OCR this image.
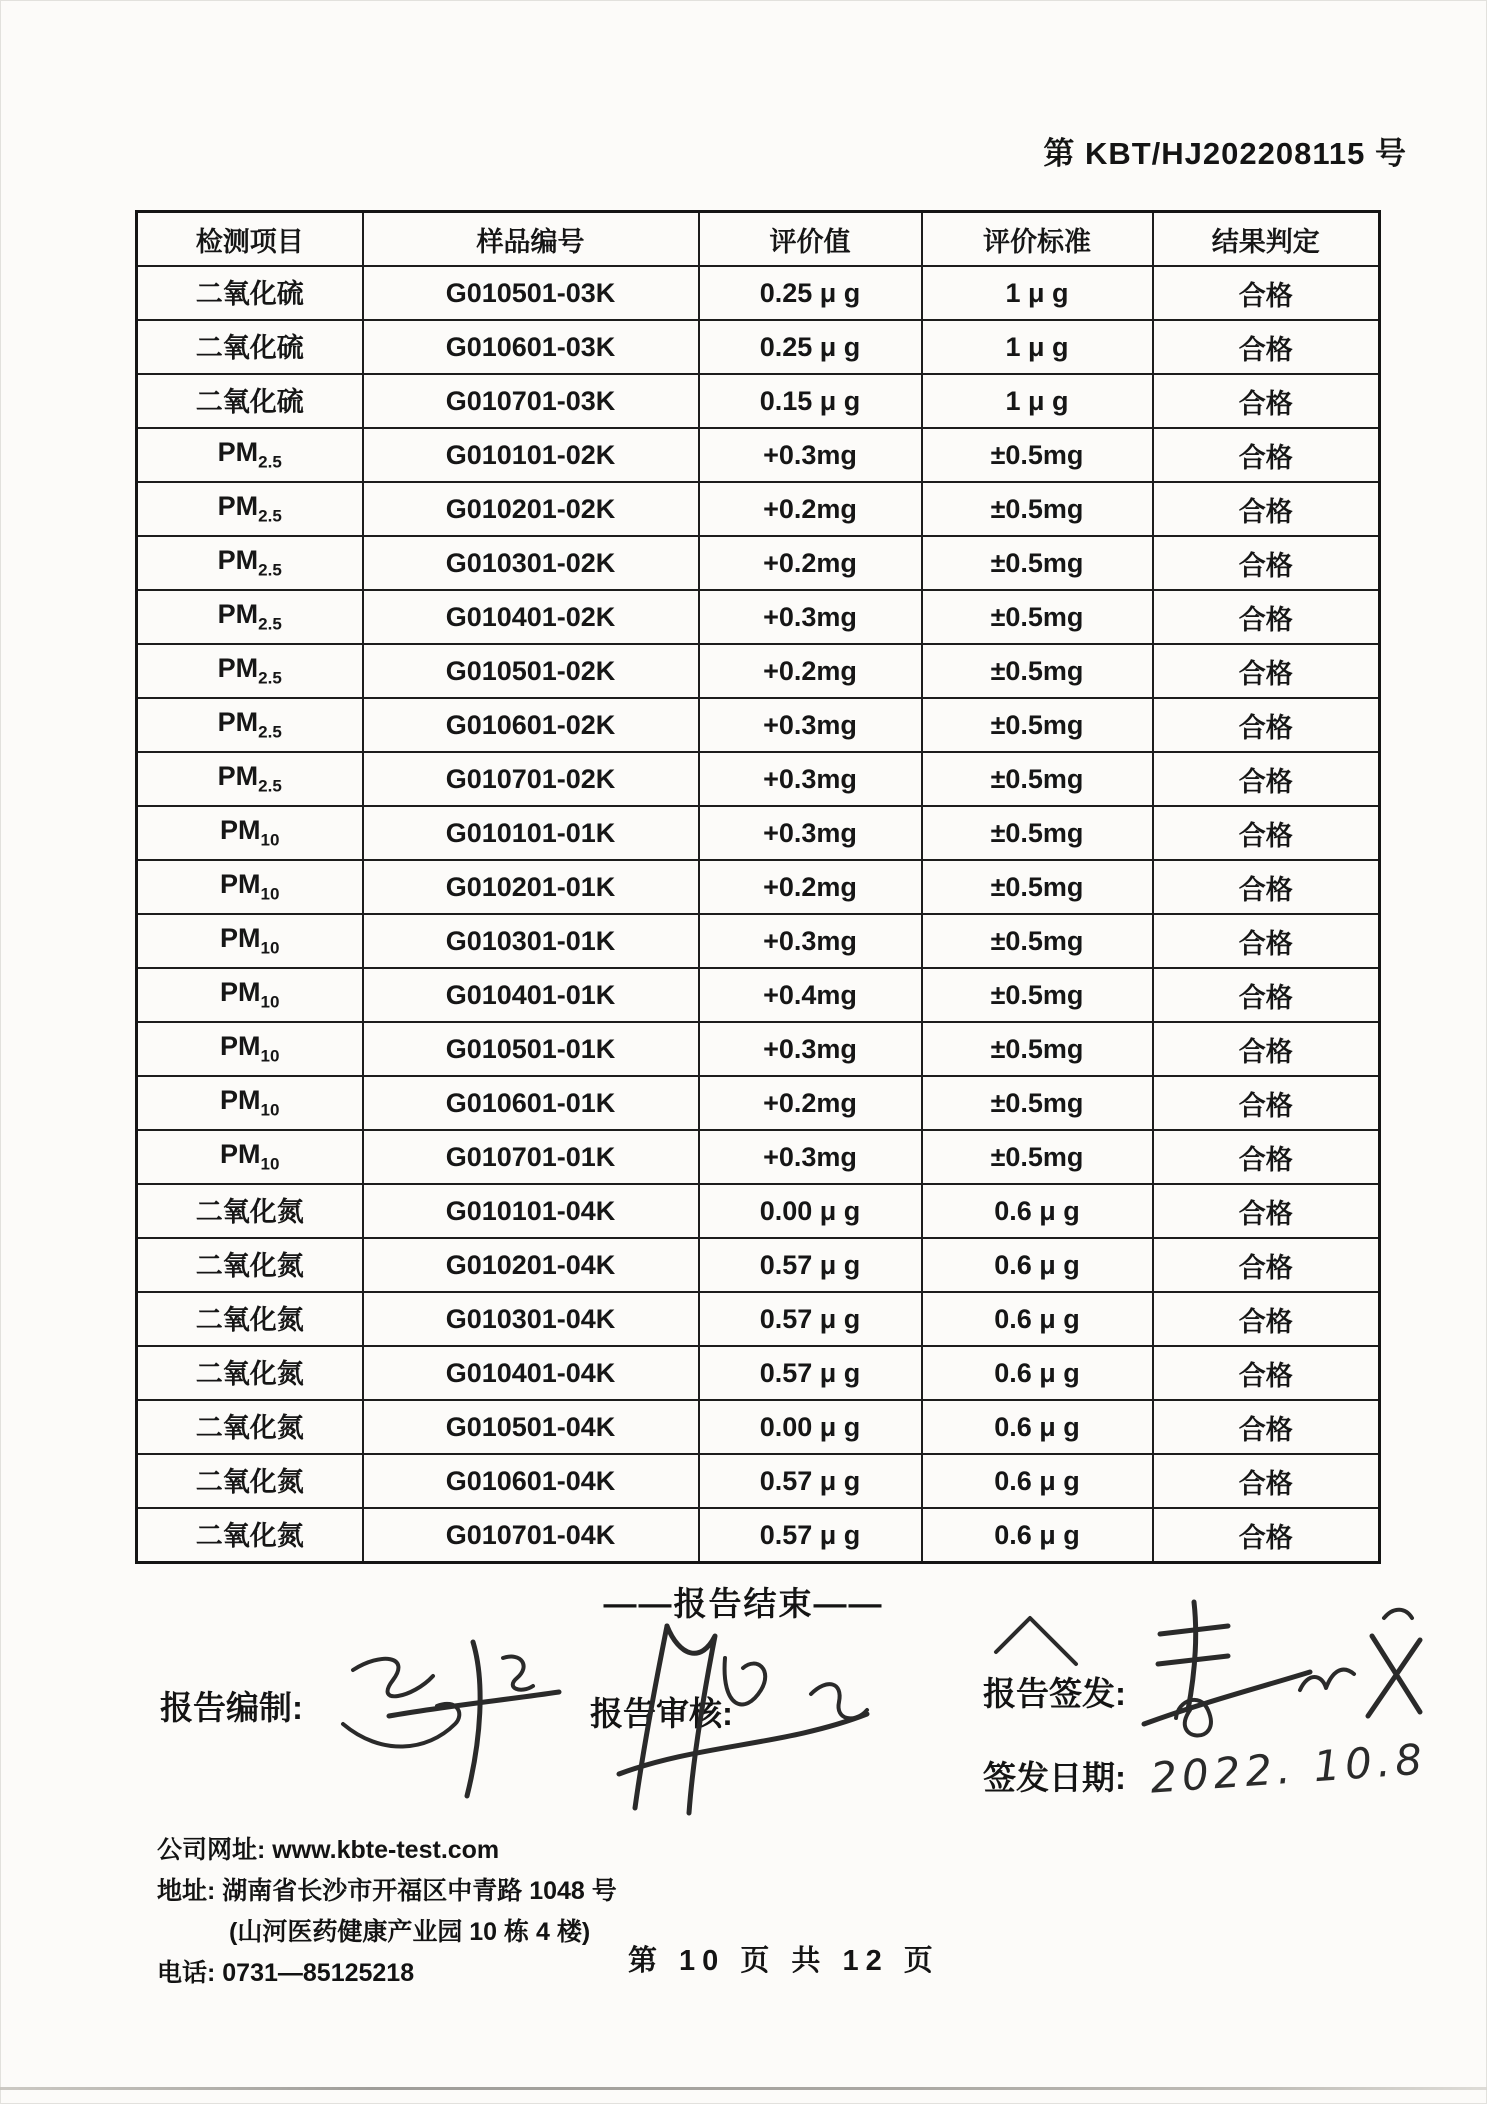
第 KBT/HJ202208115 号
检测项目	样品编号	评价值	评价标准	结果判定
二氧化硫	G010501-03K	0.25 μ g	1 μ g	合格
二氧化硫	G010601-03K	0.25 μ g	1 μ g	合格
二氧化硫	G010701-03K	0.15 μ g	1 μ g	合格
$PM_{2.5}$	G010101-02K	+0.3mg	±0.5mg	合格
$PM_{2.5}$	G010201-02K	+0.2mg	±0.5mg	合格
$PM_{2.5}$	G010301-02K	+0.2mg	±0.5mg	合格
$PM_{2.5}$	G010401-02K	+0.3mg	±0.5mg	合格
$PM_{2.5}$	G010501-02K	+0.2mg	±0.5mg	合格
$PM_{2.5}$	G010601-02K	+0.3mg	±0.5mg	合格
$PM_{2.5}$	G010701-02K	+0.3mg	±0.5mg	合格
$PM_{10}$	G010101-01K	+0.3mg	±0.5mg	合格
$PM_{10}$	G010201-01K	+0.2mg	±0.5mg	合格
$PM_{10}$	G010301-01K	+0.3mg	±0.5mg	合格
$PM_{10}$	G010401-01K	+0.4mg	±0.5mg	合格
$PM_{10}$	G010501-01K	+0.3mg	±0.5mg	合格
$PM_{10}$	G010601-01K	+0.2mg	±0.5mg	合格
$PM_{10}$	G010701-01K	+0.3mg	±0.5mg	合格
二氧化氮	G010101-04K	0.00 μ g	0.6 μ g	合格
二氧化氮	G010201-04K	0.57 μ g	0.6 μ g	合格
二氧化氮	G010301-04K	0.57 μ g	0.6 μ g	合格
二氧化氮	G010401-04K	0.57 μ g	0.6 μ g	合格
二氧化氮	G010501-04K	0.00 μ g	0.6 μ g	合格
二氧化氮	G010601-04K	0.57 μ g	0.6 μ g	合格
二氧化氮	G010701-04K	0.57 μ g	0.6 μ g	合格
——报告结束——
报告编制:	报告审核:
报告签发:
签发日期: 2022. 10.8
公司网址: www.kbte-test.com
地址: 湖南省长沙市开福区中青路 1048 号
(山河医药健康产业园 10 栋 4 楼)
电话: 0731—85125218	第 10 页 共 12 页
